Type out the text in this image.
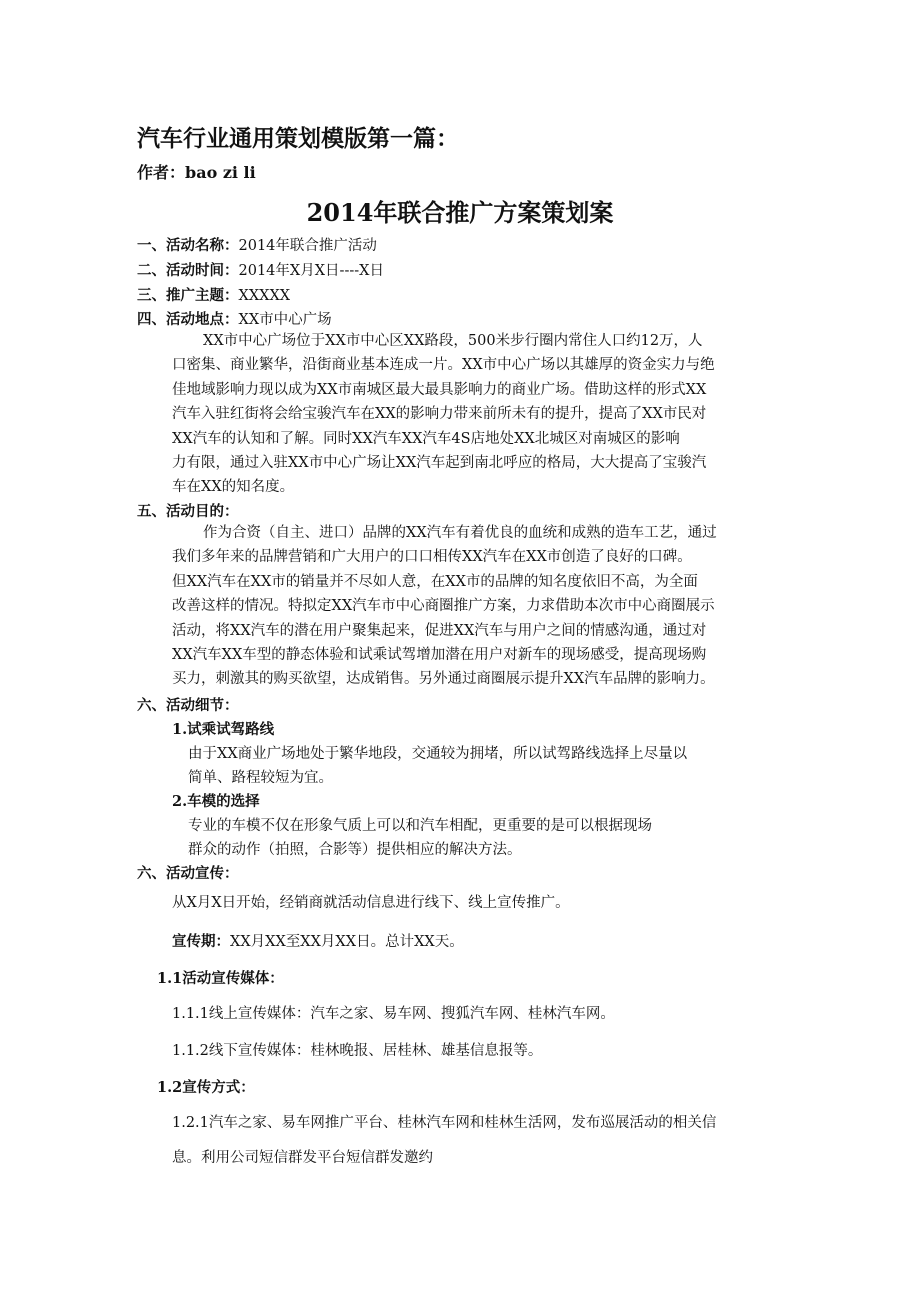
汽车行业通用策划模版第一篇：
作者：bao zi li
2014年联合推广方案策划案
一、活动名称：2014年联合推广活动
二、活动时间：2014年X月X日----X日
三、推广主题：XXXXX
四、活动地点：XX市中心广场
XX市中心广场位于XX市中心区XX路段，500米步行圈内常住人口约12万，人
口密集、商业繁华，沿街商业基本连成一片。XX市中心广场以其雄厚的资金实力与绝
佳地域影响力现以成为XX市南城区最大最具影响力的商业广场。借助这样的形式XX
汽车入驻红街将会给宝骏汽车在XX的影响力带来前所未有的提升，提高了XX市民对
XX汽车的认知和了解。同时XX汽车XX汽车4S店地处XX北城区对南城区的影响
力有限，通过入驻XX市中心广场让XX汽车起到南北呼应的格局，大大提高了宝骏汽
车在XX的知名度。
五、活动目的：
作为合资（自主、进口）品牌的XX汽车有着优良的血统和成熟的造车工艺，通过
我们多年来的品牌营销和广大用户的口口相传XX汽车在XX市创造了良好的口碑。
但XX汽车在XX市的销量并不尽如人意，在XX市的品牌的知名度依旧不高，为全面
改善这样的情况。特拟定XX汽车市中心商圈推广方案，力求借助本次市中心商圈展示
活动，将XX汽车的潜在用户聚集起来，促进XX汽车与用户之间的情感沟通，通过对
XX汽车XX车型的静态体验和试乘试驾增加潜在用户对新车的现场感受，提高现场购
买力，刺激其的购买欲望，达成销售。另外通过商圈展示提升XX汽车品牌的影响力。
六、活动细节：
1.试乘试驾路线
由于XX商业广场地处于繁华地段，交通较为拥堵，所以试驾路线选择上尽量以
简单、路程较短为宜。
2.车模的选择
专业的车模不仅在形象气质上可以和汽车相配，更重要的是可以根据现场
群众的动作（拍照，合影等）提供相应的解决方法。
六、活动宣传：
从X月X日开始，经销商就活动信息进行线下、线上宣传推广。
宣传期：XX月XX至XX月XX日。总计XX天。
1.1活动宣传媒体：
1.1.1线上宣传媒体：汽车之家、易车网、搜狐汽车网、桂林汽车网。
1.1.2线下宣传媒体：桂林晚报、居桂林、雄基信息报等。
1.2宣传方式：
1.2.1汽车之家、易车网推广平台、桂林汽车网和桂林生活网，发布巡展活动的相关信
息。利用公司短信群发平台短信群发邀约
